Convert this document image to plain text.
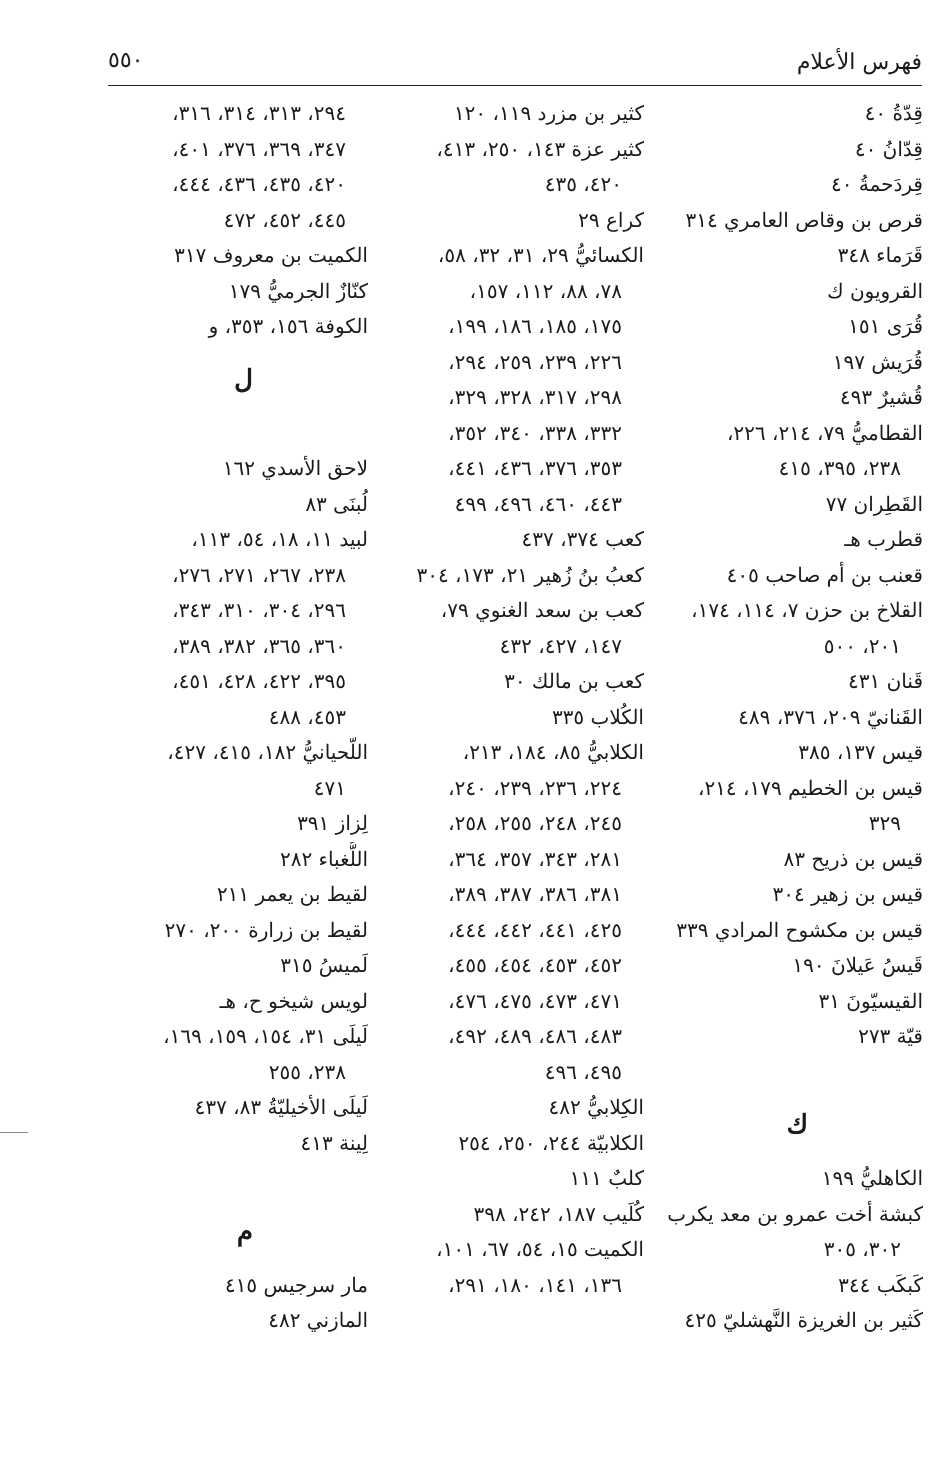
فهرس الأعلام
٥٥٠
قِدّةُ ٤٠
قِدّانُ ٤٠
قِردَحمةُ ٤٠
قرص بن وقاص العامري ٣١٤
قَرَماء ٣٤٨
القرويون ك
قُرَى ١٥١
قُرَيش ١٩٧
قُشيرٌ ٤٩٣
القطاميُّ ٧٩، ٢١٤، ٢٢٦،
٢٣٨، ٣٩٥، ٤١٥
القَطِران ٧٧
قطرب هـ
قعنب بن أم صاحب ٤٠٥
القلاخ بن حزن ٧، ١١٤، ١٧٤،
٢٠١، ٥٠٠
قَنان ٤٣١
القَنانيّ ٢٠٩، ٣٧٦، ٤٨٩
قيس ١٣٧، ٣٨٥
قيس بن الخطيم ١٧٩، ٢١٤،
٣٢٩
قيس بن ذريح ٨٣
قيس بن زهير ٣٠٤
قيس بن مكشوح المرادي ٣٣٩
قَيسُ عَيلانَ ١٩٠
القيسيّونَ ٣١
قيّة ٢٧٣
ك
الكاهليُّ ١٩٩
كبشة أخت عمرو بن معد يكرب
٣٠٢، ٣٠٥
كَبكَب ٣٤٤
كَثير بن الغريزة النَّهشليّ ٤٢٥
كثير بن مزرد ١١٩، ١٢٠
كثير عزة ١٤٣، ٢٥٠، ٤١٣،
٤٢٠، ٤٣٥
كراع ٢٩
الكسائيُّ ٢٩، ٣١، ٣٢، ٥٨،
٧٨، ٨٨، ١١٢، ١٥٧،
١٧٥، ١٨٥، ١٨٦، ١٩٩،
٢٢٦، ٢٣٩، ٢٥٩، ٢٩٤،
٢٩٨، ٣١٧، ٣٢٨، ٣٢٩،
٣٣٢، ٣٣٨، ٣٤٠، ٣٥٢،
٣٥٣، ٣٧٦، ٤٣٦، ٤٤١،
٤٤٣، ٤٦٠، ٤٩٦، ٤٩٩
كعب ٣٧٤، ٤٣٧
كعبُ بنُ زُهير ٢١، ١٧٣، ٣٠٤
كعب بن سعد الغنوي ٧٩،
١٤٧، ٤٢٧، ٤٣٢
كعب بن مالك ٣٠
الكُلاب ٣٣٥
الكلابيُّ ٨٥، ١٨٤، ٢١٣،
٢٢٤، ٢٣٦، ٢٣٩، ٢٤٠،
٢٤٥، ٢٤٨، ٢٥٥، ٢٥٨،
٢٨١، ٣٤٣، ٣٥٧، ٣٦٤،
٣٨١، ٣٨٦، ٣٨٧، ٣٨٩،
٤٢٥، ٤٤١، ٤٤٢، ٤٤٤،
٤٥٢، ٤٥٣، ٤٥٤، ٤٥٥،
٤٧١، ٤٧٣، ٤٧٥، ٤٧٦،
٤٨٣، ٤٨٦، ٤٨٩، ٤٩٢،
٤٩٥، ٤٩٦
الكِلابيُّ ٤٨٢
الكلابيّة ٢٤٤، ٢٥٠، ٢٥٤
كلبٌ ١١١
كُلَيب ١٨٧، ٢٤٢، ٣٩٨
الكميت ١٥، ٥٤، ٦٧، ١٠١،
١٣٦، ١٤١، ١٨٠، ٢٩١،
٢٩٤، ٣١٣، ٣١٤، ٣١٦،
٣٤٧، ٣٦٩، ٣٧٦، ٤٠١،
٤٢٠، ٤٣٥، ٤٣٦، ٤٤٤،
٤٤٥، ٤٥٢، ٤٧٢
الكميت بن معروف ٣١٧
كنّازٌ الجرميُّ ١٧٩
الكوفة ١٥٦، ٣٥٣، و
ل
لاحق الأسدي ١٦٢
لُبنَى ٨٣
لبيد ١١، ١٨، ٥٤، ١١٣،
٢٣٨، ٢٦٧، ٢٧١، ٢٧٦،
٢٩٦، ٣٠٤، ٣١٠، ٣٤٣،
٣٦٠، ٣٦٥، ٣٨٢، ٣٨٩،
٣٩٥، ٤٢٢، ٤٢٨، ٤٥١،
٤٥٣، ٤٨٨
اللّحيانيُّ ١٨٢، ٤١٥، ٤٢٧،
٤٧١
لِزاز ٣٩١
اللُّغباء ٢٨٢
لقيط بن يعمر ٢١١
لقيط بن زرارة ٢٠٠، ٢٧٠
لَميسُ ٣١٥
لويس شيخو ح، هـ
لَيلَى ٣١، ١٥٤، ١٥٩، ١٦٩،
٢٣٨، ٢٥٥
لَيلَى الأخيليّةُ ٨٣، ٤٣٧
لِينة ٤١٣
م
مار سرجيس ٤١٥
المازني ٤٨٢
